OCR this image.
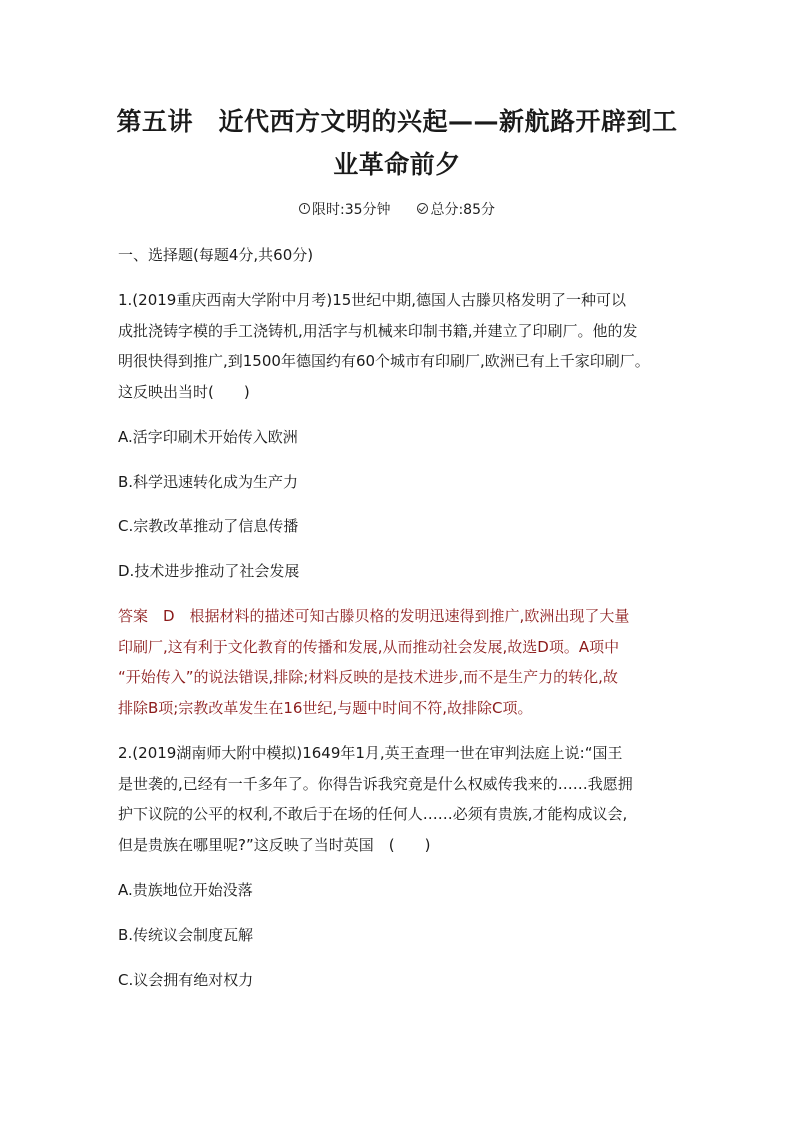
第五讲　近代西方文明的兴起——新航路开辟到工
业革命前夕
限时:35分钟	总分:85分
一、选择题(每题4分,共60分)
1.(2019重庆西南大学附中月考)15世纪中期,德国人古滕贝格发明了一种可以
成批浇铸字模的手工浇铸机,用活字与机械来印制书籍,并建立了印刷厂。他的发
明很快得到推广,到1500年德国约有60个城市有印刷厂,欧洲已有上千家印刷厂。
这反映出当时(　　)
A.活字印刷术开始传入欧洲
B.科学迅速转化成为生产力
C.宗教改革推动了信息传播
D.技术进步推动了社会发展
答案　D　根据材料的描述可知古滕贝格的发明迅速得到推广,欧洲出现了大量
印刷厂,这有利于文化教育的传播和发展,从而推动社会发展,故选D项。A项中
“开始传入”的说法错误,排除;材料反映的是技术进步,而不是生产力的转化,故
排除B项;宗教改革发生在16世纪,与题中时间不符,故排除C项。
2.(2019湖南师大附中模拟)1649年1月,英王查理一世在审判法庭上说:“国王
是世袭的,已经有一千多年了。你得告诉我究竟是什么权威传我来的……我愿拥
护下议院的公平的权利,不敢后于在场的任何人……必须有贵族,才能构成议会,
但是贵族在哪里呢?”这反映了当时英国　(　　)
A.贵族地位开始没落
B.传统议会制度瓦解
C.议会拥有绝对权力
